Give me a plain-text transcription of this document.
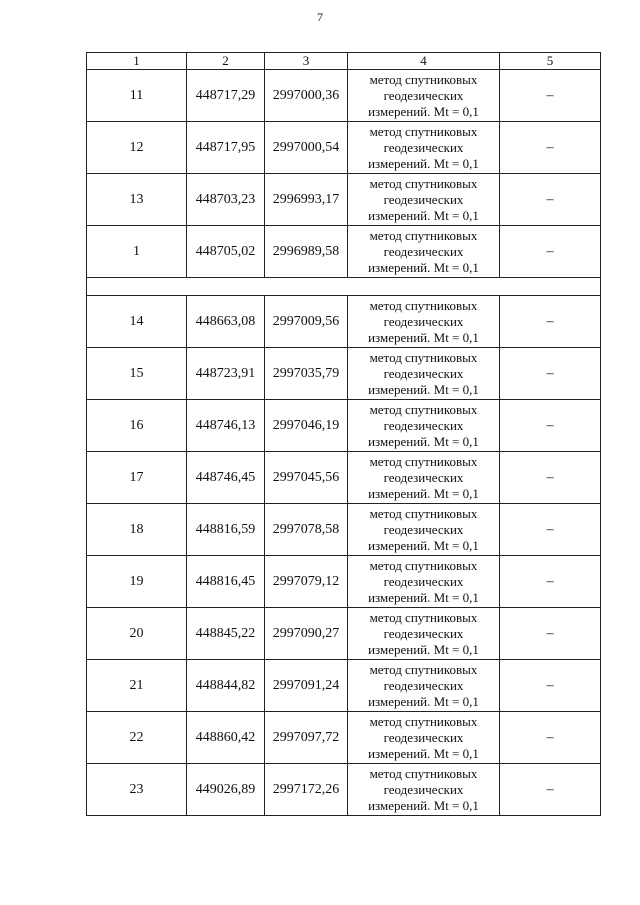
7
1	2	3	4	5
11	448717,29	2997000,36	метод спутниковых
геодезических
измерений. Mt = 0,1	–
12	448717,95	2997000,54	метод спутниковых
геодезических
измерений. Mt = 0,1	–
13	448703,23	2996993,17	метод спутниковых
геодезических
измерений. Mt = 0,1	–
1	448705,02	2996989,58	метод спутниковых
геодезических
измерений. Mt = 0,1	–

14	448663,08	2997009,56	метод спутниковых
геодезических
измерений. Mt = 0,1	–
15	448723,91	2997035,79	метод спутниковых
геодезических
измерений. Mt = 0,1	–
16	448746,13	2997046,19	метод спутниковых
геодезических
измерений. Mt = 0,1	–
17	448746,45	2997045,56	метод спутниковых
геодезических
измерений. Mt = 0,1	–
18	448816,59	2997078,58	метод спутниковых
геодезических
измерений. Mt = 0,1	–
19	448816,45	2997079,12	метод спутниковых
геодезических
измерений. Mt = 0,1	–
20	448845,22	2997090,27	метод спутниковых
геодезических
измерений. Mt = 0,1	–
21	448844,82	2997091,24	метод спутниковых
геодезических
измерений. Mt = 0,1	–
22	448860,42	2997097,72	метод спутниковых
геодезических
измерений. Mt = 0,1	–
23	449026,89	2997172,26	метод спутниковых
геодезических
измерений. Mt = 0,1	–
